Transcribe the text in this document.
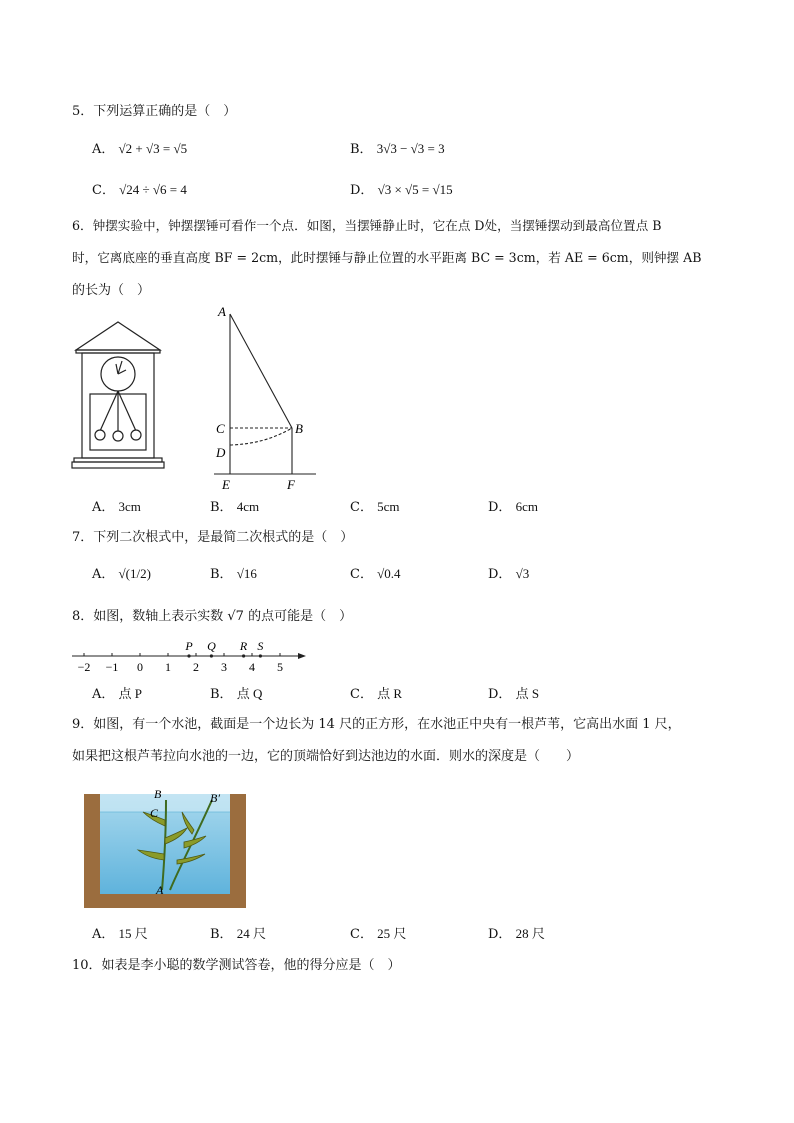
5．下列运算正确的是（　）
A． √2 + √3 = √5	B． 3√3 − √3 = 3
C． √24 ÷ √6 = 4	D． √3 × √5 = √15
6．钟摆实验中，钟摆摆锤可看作一个点．如图，当摆锤静止时，它在点 D处，当摆锤摆动到最高位置点 B
时，它离底座的垂直高度 BF = 2cm，此时摆锤与静止位置的水平距离 BC = 3cm，若 AE = 6cm，则钟摆 AB
的长为（　）
A
B
C
D
E	F
A． 3cm	B． 4cm	C． 5cm	D． 6cm
7．下列二次根式中，是最简二次根式的是（　）
A． √(1/2)	B． √16	C． √0.4	D． √3
8．如图，数轴上表示实数 √7 的点可能是（　）
−2 −1 0 1 2 3 4 5
P Q R S
A． 点 P	B． 点 Q	C． 点 R	D． 点 S
9．如图，有一个水池，截面是一个边长为 14 尺的正方形，在水池正中央有一根芦苇，它高出水面 1 尺，
如果把这根芦苇拉向水池的一边，它的顶端恰好到达池边的水面．则水的深度是（　　）
B	B′
C
A
A． 15 尺	B． 24 尺	C． 25 尺	D． 28 尺
10．如表是李小聪的数学测试答卷，他的得分应是（　）
